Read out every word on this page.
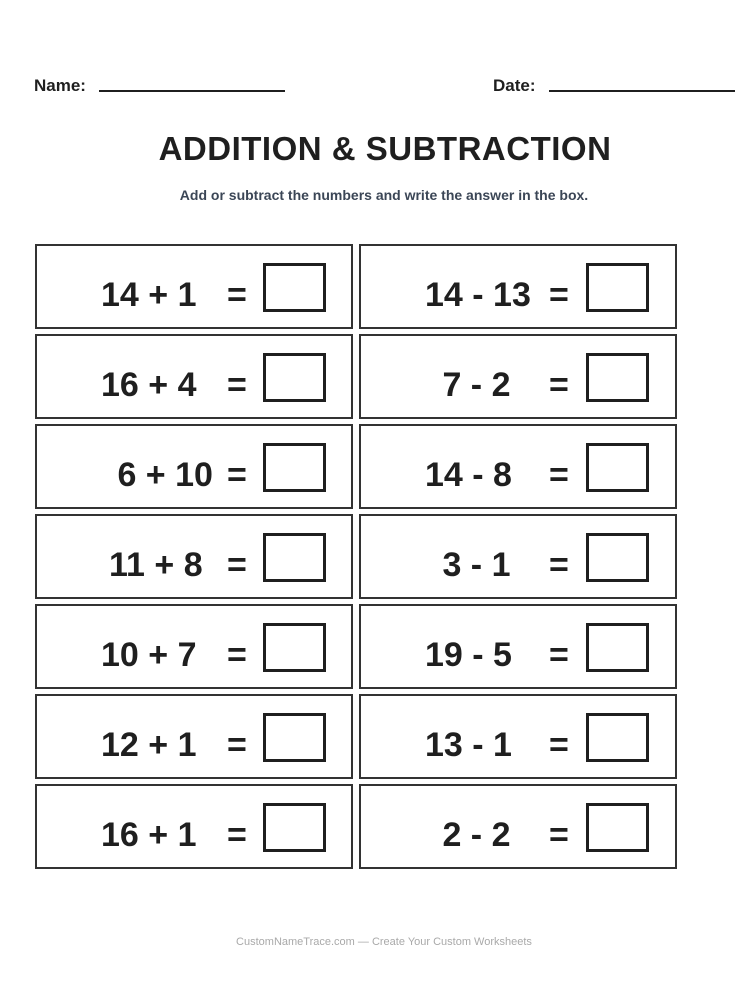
Name:	Date:
ADDITION & SUBTRACTION
Add or subtract the numbers and write the answer in the box.
14 + 1 =
16 + 4 =
6 + 10 =
11 + 8 =
10 + 7 =
12 + 1 =
16 + 1 =
14 - 13 =
7 - 2 =
14 - 8 =
3 - 1 =
19 - 5 =
13 - 1 =
2 - 2 =
CustomNameTrace.com — Create Your Custom Worksheets
